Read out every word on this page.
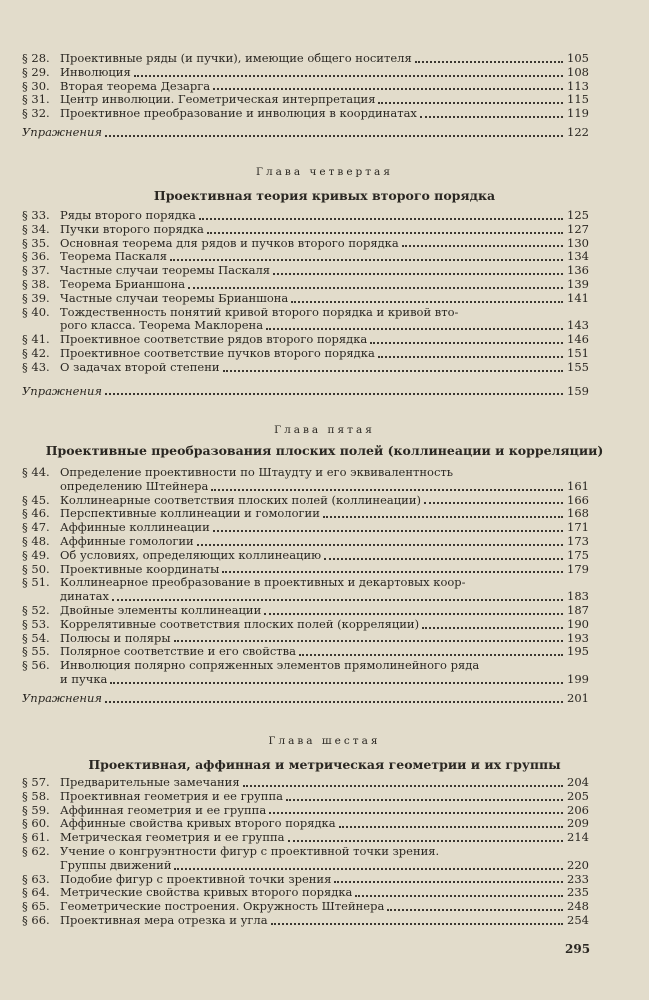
§ 28. Проективные ряды (и пучки), имеющие общего носителя	105
§ 29. Инволюция	108
§ 30. Вторая теорема Дезарга	113
§ 31. Центр инволюции. Геометрическая интерпретация	115
§ 32. Проективное преобразование и инволюция в координатах	119
Упражнения	122
Глава четвертая
Проективная теория кривых второго порядка
§ 33. Ряды второго порядка	125
§ 34. Пучки второго порядка	127
§ 35. Основная теорема для рядов и пучков второго порядка	130
§ 36. Теорема Паскаля	134
§ 37. Частные случаи теоремы Паскаля	136
§ 38. Теорема Брианшона	139
§ 39. Частные случаи теоремы Брианшона	141
§ 40. Тождественность понятий кривой второго порядка и кривой вто-
рого класса. Теорема Маклорена	143
§ 41. Проективное соответствие рядов второго порядка	146
§ 42. Проективное соответствие пучков второго порядка	151
§ 43. О задачах второй степени	155
Упражнения	159
Глава пятая
Проективные преобразования плоских полей (коллинеации и корреляции)
§ 44. Определение проективности по Штаудту и его эквивалентность
определению Штейнера	161
§ 45. Коллинеарные соответствия плоских полей (коллинеации)	166
§ 46. Перспективные коллинеации и гомологии	168
§ 47. Аффинные коллинеации	171
§ 48. Аффинные гомологии	173
§ 49. Об условиях, определяющих коллинеацию	175
§ 50. Проективные координаты	179
§ 51. Коллинеарное преобразование в проективных и декартовых коор-
динатах	183
§ 52. Двойные элементы коллинеации	187
§ 53. Коррелятивные соответствия плоских полей (корреляции)	190
§ 54. Полюсы и поляры	193
§ 55. Полярное соответствие и его свойства	195
§ 56. Инволюция полярно сопряженных элементов прямолинейного ряда
и пучка	199
Упражнения	201
Глава шестая
Проективная, аффинная и метрическая геометрии и их группы
§ 57. Предварительные замечания	204
§ 58. Проективная геометрия и ее группа	205
§ 59. Аффинная геометрия и ее группа	206
§ 60. Аффинные свойства кривых второго порядка	209
§ 61. Метрическая геометрия и ее группа	214
§ 62. Учение о конгруэнтности фигур с проективной точки зрения.
Группы движений	220
§ 63. Подобие фигур с проективной точки зрения	233
§ 64. Метрические свойства кривых второго порядка	235
§ 65. Геометрические построения. Окружность Штейнера	248
§ 66. Проективная мера отрезка и угла	254
295
